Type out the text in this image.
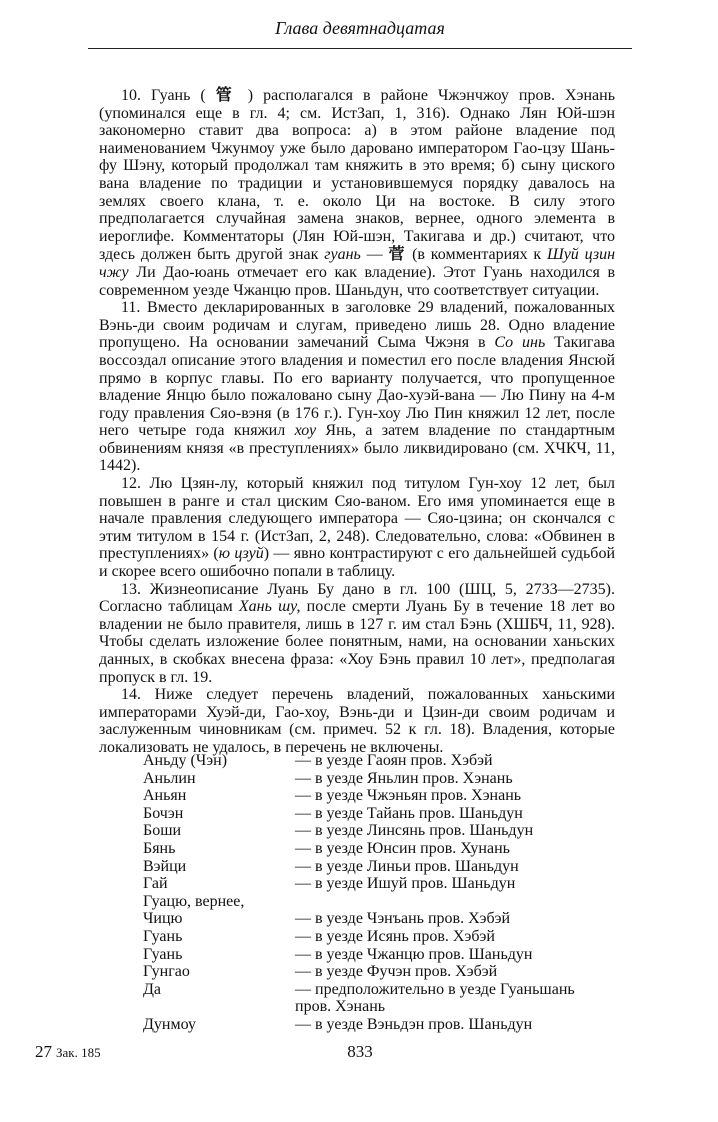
Глава девятнадцатая

10. Гуань ( 管 ) располагался в районе Чжэнчжоу пров. Хэнань (упоминался еще в гл. 4; см. ИстЗап, 1, 316). Однако Лян Юй-шэн закономерно ставит два вопроса: а) в этом районе владение под наименованием Чжунмоу уже было даровано императором Гао-цзу Шань-фу Шэну, который продолжал там княжить в это время; б) сыну циского вана владение по традиции и установившемуся порядку давалось на землях своего клана, т. е. около Ци на востоке. В силу этого предполагается случайная замена знаков, вернее, одного элемента в иероглифе. Комментаторы (Лян Юй-шэн, Такигава и др.) считают, что здесь должен быть другой знак гуань — 菅 (в комментариях к Шуй цзин чжу Ли Дао-юань отмечает его как владение). Этот Гуань находился в современном уезде Чжанцю пров. Шаньдун, что соответствует ситуации.

11. Вместо декларированных в заголовке 29 владений, пожалованных Вэнь-ди своим родичам и слугам, приведено лишь 28. Одно владение пропущено. На основании замечаний Сыма Чжэня в Со инь Такигава воссоздал описание этого владения и поместил его после владения Янсюй прямо в корпус главы. По его варианту получается, что пропущенное владение Янцю было пожаловано сыну Дао-хуэй-вана — Лю Пину на 4-м году правления Сяо-вэня (в 176 г.). Гун-хоу Лю Пин княжил 12 лет, после него четыре года княжил хоу Янь, а затем владение по стандартным обвинениям князя «в преступлениях» было ликвидировано (см. ХЧКЧ, 11, 1442).

12. Лю Цзян-лу, который княжил под титулом Гун-хоу 12 лет, был повышен в ранге и стал циским Сяо-ваном. Его имя упоминается еще в начале правления следующего императора — Сяо-цзина; он скончался с этим титулом в 154 г. (ИстЗап, 2, 248). Следовательно, слова: «Обвинен в преступлениях» (ю цзуй) — явно контрастируют с его дальнейшей судьбой и скорее всего ошибочно попали в таблицу.

13. Жизнеописание Луань Бу дано в гл. 100 (ШЦ, 5, 2733—2735). Согласно таблицам Хань шу, после смерти Луань Бу в течение 18 лет во владении не было правителя, лишь в 127 г. им стал Бэнь (ХШБЧ, 11, 928). Чтобы сделать изложение более понятным, нами, на основании ханьских данных, в скобках внесена фраза: «Хоу Бэнь правил 10 лет», предполагая пропуск в гл. 19.

14. Ниже следует перечень владений, пожалованных ханьскими императорами Хуэй-ди, Гао-хоу, Вэнь-ди и Цзин-ди своим родичам и заслуженным чиновникам (см. примеч. 52 к гл. 18). Владения, которые локализовать не удалось, в перечень не включены.

Аньду (Чэн)	— в уезде Гаоян пров. Хэбэй
Аньлин	— в уезде Яньлин пров. Хэнань
Аньян	— в уезде Чжэньян пров. Хэнань
Бочэн	— в уезде Тайань пров. Шаньдун
Боши	— в уезде Линсянь пров. Шаньдун
Бянь	— в уезде Юнсин пров. Хунань
Вэйци	— в уезде Линьи пров. Шаньдун
Гай	— в уезде Ишуй пров. Шаньдун
Гуацю, вернее,
Чицю	— в уезде Чэнъань пров. Хэбэй
Гуань	— в уезде Исянь пров. Хэбэй
Гуань	— в уезде Чжанцю пров. Шаньдун
Гунгао	— в уезде Фучэн пров. Хэбэй
Да	— предположительно в уезде Гуаньшань пров. Хэнань
Дунмоу	— в уезде Вэньдэн пров. Шаньдун
27 Зак. 185	833
